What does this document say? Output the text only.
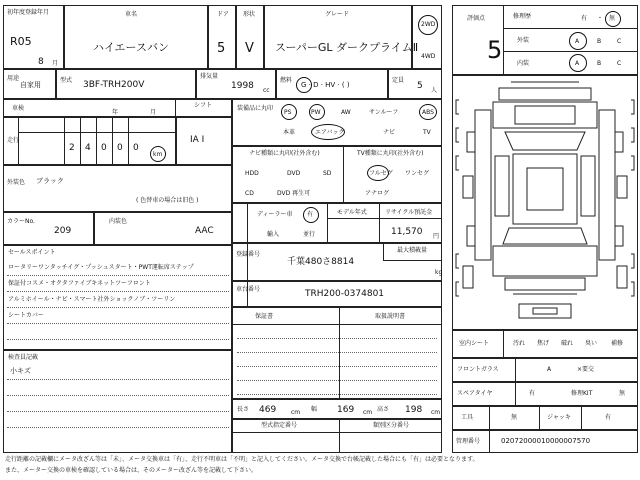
初年度登録年月
R05
8 月
車名
ハイエースバン
ドア
5
形状
V
グレード
スーパーGL ダークプライムⅡ
2WD
4WD
用途
自家用
型式 3BF-TRH200V
排気量
1998 cc
燃料
G · D · HV · ( )
定員
5 人
車検
年	月
走行
2 4 0 0 0
km
シフト
IA I
外装色 ブラック
( 色替車の場合は旧色 )
カラーNo.
209
内装色
AAC
セールスポイント
ロータリーワンタッチイグ・プッシュスタート・PWT運転席ステップ
保証付コスメ・オクタファイブキネットツーフロント
アルミホイール・ナビ・スマート社外ショックノブ・ツーリン
シートカバー
検査員記載
小キズ
装備品に丸印
PS	PW	AW	サンルーフ	ABS
本革	エアバッグ	ナビ	TV
ナビ種類に丸印(社外含む)	TV種類に丸印(社外含む)
HDD	DVD	SD
CD	DVD 再生可
フルセグ ワンセグ
アナログ
ディーラー車 有
輸入	並行
モデル年式	リサイクル預託金
11,570 円
登録番号
千葉480さ8814
最大積載量
kg
車台番号	TRH200-0374801
保証書	取扱説明書
長さ 469 cm 幅 169 cm 高さ 198 cm
型式指定番号	類別区分番号
評価点
5
修理歴	有 ・ 無
外装	A	B	C
内装	A	B	C
室内シート	汚れ 焦げ 破れ 臭い 補修
フロントガラス	A	×要交
スペアタイヤ	有	修理KIT	無
工具	無	ジャッキ	有
管理番号	02072000010000007570
走行距離の記載欄にメータ改ざん等は「未」、メータ交換車は「有」、走行不明車は「不明」と記入してください。メータ交換で台帳記載した場合にも「有」は必要となります。
また、メーター交換の車検を確認している場合は、そのメーター改ざん等を記載して下さい。
